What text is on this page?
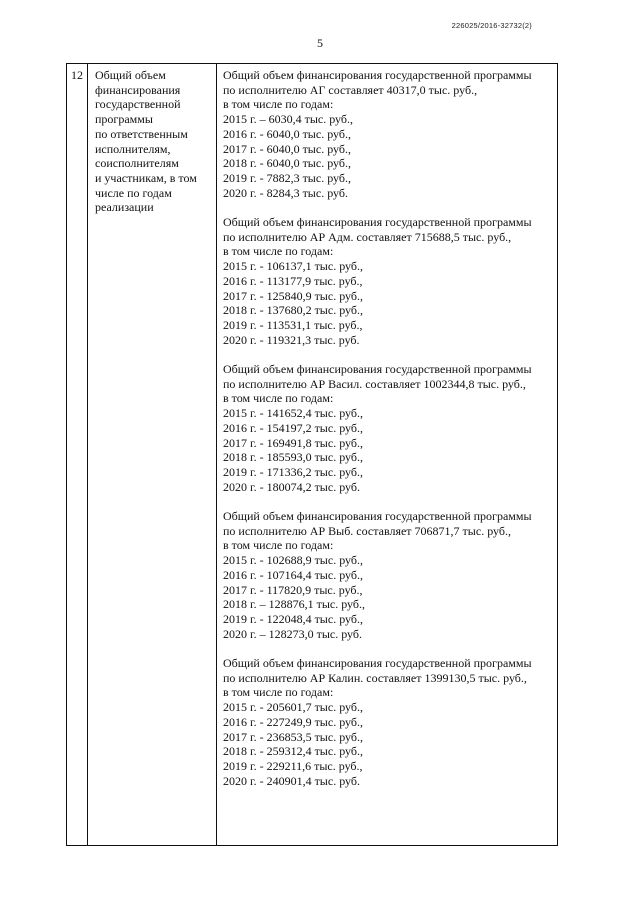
226025/2016-32732(2)
5
12	Общий объем
финансирования
государственной
программы
по ответственным
исполнителям,
соисполнителям
и участникам, в том
числе по годам
реализации
Общий объем финансирования государственной программы
по исполнителю АГ составляет 40317,0 тыс. руб.,
в том числе по годам:
2015 г. – 6030,4 тыс. руб.,
2016 г. - 6040,0 тыс. руб.,
2017 г. - 6040,0 тыс. руб.,
2018 г. - 6040,0 тыс. руб.,
2019 г. - 7882,3 тыс. руб.,
2020 г. - 8284,3 тыс. руб.
Общий объем финансирования государственной программы
по исполнителю АР Адм. составляет 715688,5 тыс. руб.,
в том числе по годам:
2015 г. - 106137,1 тыс. руб.,
2016 г. - 113177,9 тыс. руб.,
2017 г. - 125840,9 тыс. руб.,
2018 г. - 137680,2 тыс. руб.,
2019 г. - 113531,1 тыс. руб.,
2020 г. - 119321,3 тыс. руб.
Общий объем финансирования государственной программы
по исполнителю АР Васил. составляет 1002344,8 тыс. руб.,
в том числе по годам:
2015 г. - 141652,4 тыс. руб.,
2016 г. - 154197,2 тыс. руб.,
2017 г. - 169491,8 тыс. руб.,
2018 г. - 185593,0 тыс. руб.,
2019 г. - 171336,2 тыс. руб.,
2020 г. - 180074,2 тыс. руб.
Общий объем финансирования государственной программы
по исполнителю АР Выб. составляет 706871,7 тыс. руб.,
в том числе по годам:
2015 г. - 102688,9 тыс. руб.,
2016 г. - 107164,4 тыс. руб.,
2017 г. - 117820,9 тыс. руб.,
2018 г. – 128876,1 тыс. руб.,
2019 г. - 122048,4 тыс. руб.,
2020 г. – 128273,0 тыс. руб.
Общий объем финансирования государственной программы
по исполнителю АР Калин. составляет 1399130,5 тыс. руб.,
в том числе по годам:
2015 г. - 205601,7 тыс. руб.,
2016 г. - 227249,9 тыс. руб.,
2017 г. - 236853,5 тыс. руб.,
2018 г. - 259312,4 тыс. руб.,
2019 г. - 229211,6 тыс. руб.,
2020 г. - 240901,4 тыс. руб.
